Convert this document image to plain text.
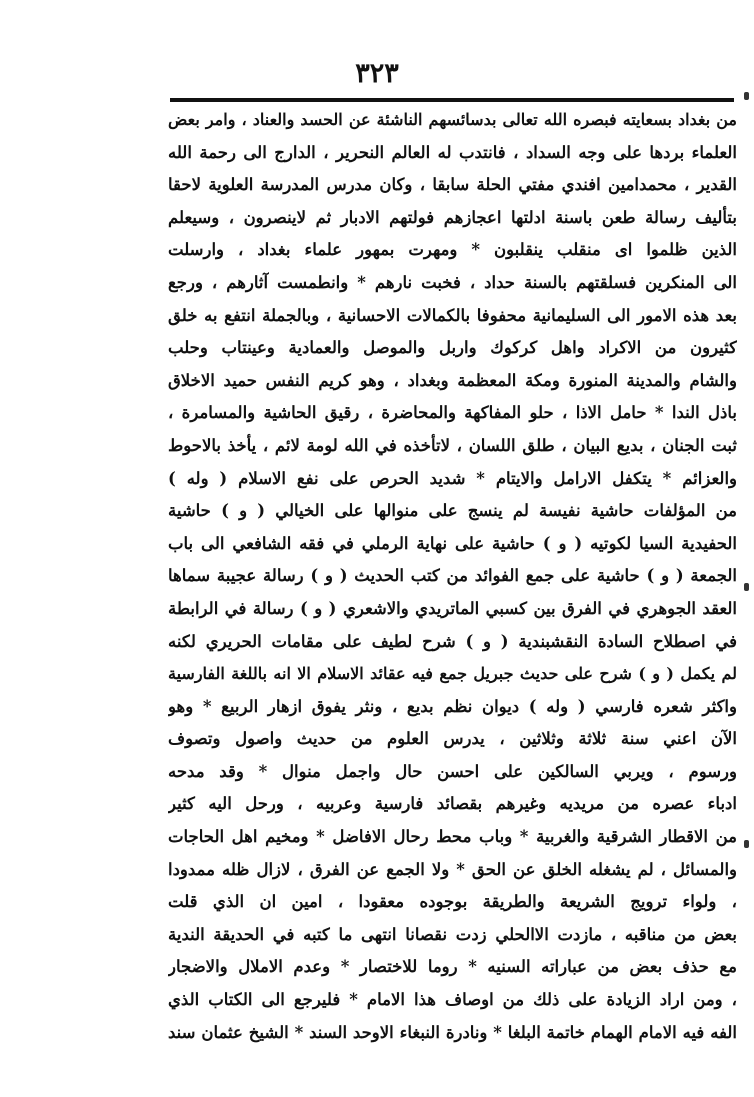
٣٢٣
من بغداد بسعايته فبصره الله تعالى بدسائسهم الناشئة عن الحسد والعناد ، وامر بعض
العلماء بردها على وجه السداد ، فانتدب له العالم النحرير ، الدارج الى رحمة الله
القدير ، محمدامين افندي مفتي الحلة سابقا ، وكان مدرس المدرسة العلوية لاحقا
بتأليف رسالة طعن باسنة ادلتها اعجازهم فولتهم الادبار ثم لاينصرون ، وسيعلم
الذين ظلموا اى منقلب ينقلبون * ومهرت بمهور علماء بغداد ، وارسلت
الى المنكرين فسلقتهم بالسنة حداد ، فخبت نارهم * وانطمست آثارهم ، ورجع
بعد هذه الامور الى السليمانية محفوفا بالكمالات الاحسانية ، وبالجملة انتفع به خلق
كثيرون من الاكراد واهل كركوك واربل والموصل والعمادية وعينتاب وحلب
والشام والمدينة المنورة ومكة المعظمة وبغداد ، وهو كريم النفس حميد الاخلاق
باذل الندا * حامل الاذا ، حلو المفاكهة والمحاضرة ، رقيق الحاشية والمسامرة ،
ثبت الجنان ، بديع البيان ، طلق اللسان ، لاتأخذه في الله لومة لائم ، يأخذ بالاحوط
والعزائم * يتكفل الارامل والايتام * شديد الحرص على نفع الاسلام ( وله )
من المؤلفات حاشية نفيسة لم ينسج على منوالها على الخيالي ( و ) حاشية
الحفيدية السيا لكوتيه ( و ) حاشية على نهاية الرملي في فقه الشافعي الى باب
الجمعة ( و ) حاشية على جمع الفوائد من كتب الحديث ( و ) رسالة عجيبة سماها
العقد الجوهري في الفرق بين كسبي الماتريدي والاشعري ( و ) رسالة في الرابطة
في اصطلاح السادة النقشبندية ( و ) شرح لطيف على مقامات الحريري لكنه
لم يكمل ( و ) شرح على حديث جبريل جمع فيه عقائد الاسلام الا انه باللغة الفارسية
واكثر شعره فارسي ( وله ) ديوان نظم بديع ، ونثر يفوق ازهار الربيع * وهو
الآن اعني سنة ثلاثة وثلاثين ، يدرس العلوم من حديث واصول وتصوف
ورسوم ، ويربي السالكين على احسن حال واجمل منوال * وقد مدحه
ادباء عصره من مريديه وغيرهم بقصائد فارسية وعربيه ، ورحل اليه كثير
من الاقطار الشرقية والغربية * وباب محط رحال الافاضل * ومخيم اهل الحاجات
والمسائل ، لم يشغله الخلق عن الحق * ولا الجمع عن الفرق ، لازال ظله ممدودا
، ولواء ترويج الشريعة والطريقة بوجوده معقودا ، امين ان الذي قلت
بعض من مناقبه ، مازدت الاالحلي زدت نقصانا انتهى ما كتبه في الحديقة الندية
مع حذف بعض من عباراته السنيه * روما للاختصار * وعدم الاملال والاضجار
، ومن اراد الزيادة على ذلك من اوصاف هذا الامام * فليرجع الى الكتاب الذي
الفه فيه الامام الهمام خاتمة البلغا * ونادرة النبغاء الاوحد السند * الشيخ عثمان سند
